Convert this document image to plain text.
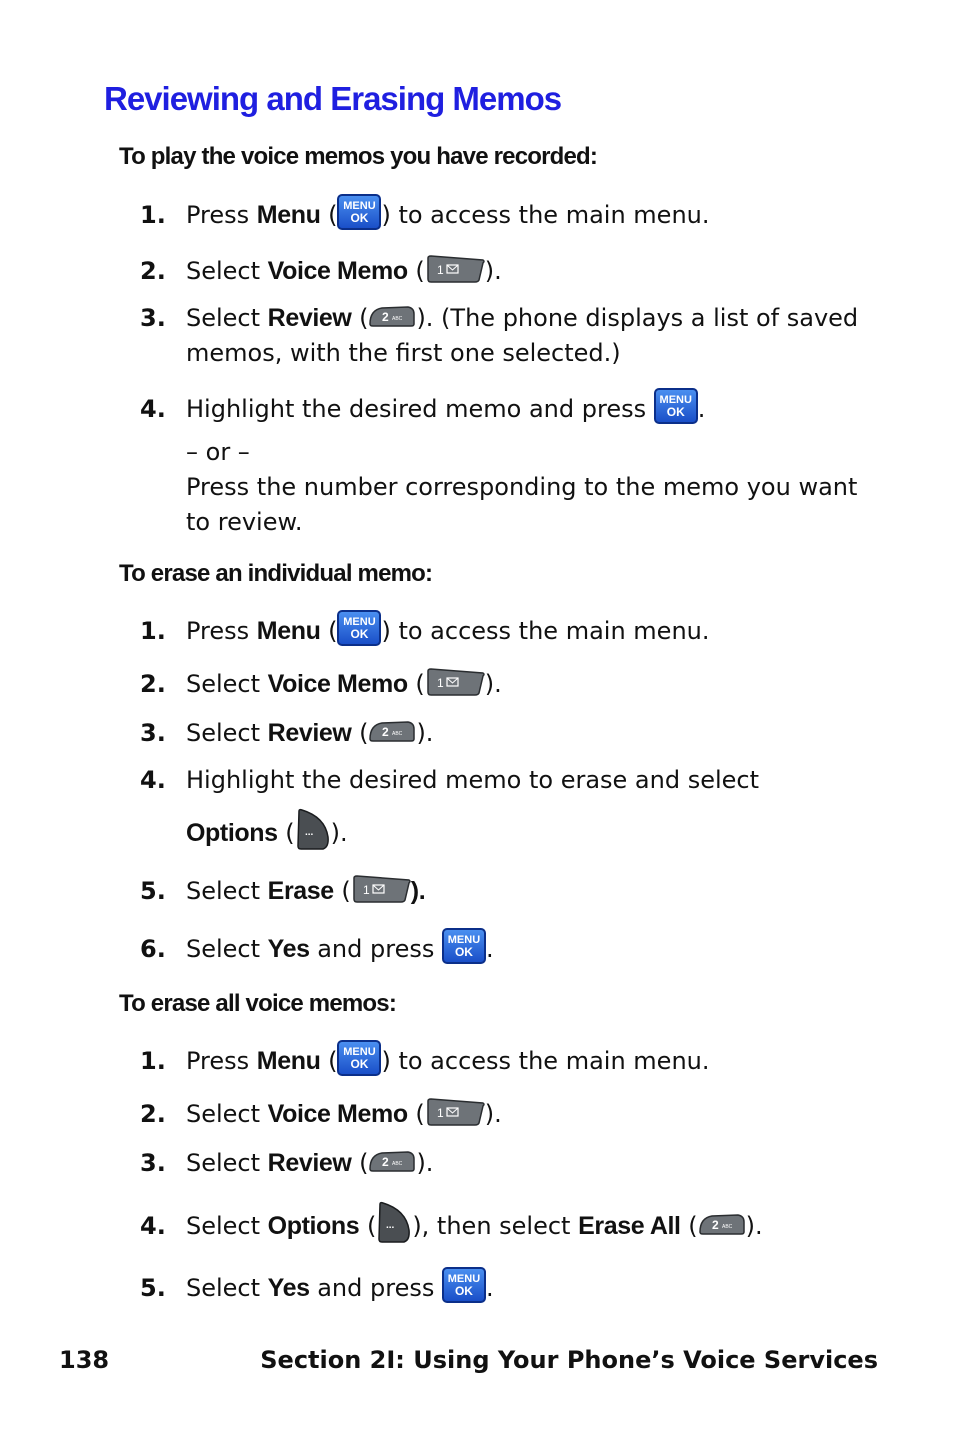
Reviewing and Erasing Memos
To play the voice memos you have recorded:
1. Press Menu ( MENU
OK ) to access the main menu.
2. Select Voice Memo ( 1 ).
3. Select Review ( 2 ABC ). (The phone displays a list of saved
memos, with the first one selected.)
4. Highlight the desired memo and press MENU
OK .
– or –
Press the number corresponding to the memo you want
to review.
To erase an individual memo:
1. Press Menu ( MENU
OK ) to access the main menu.
2. Select Voice Memo ( 1 ).
3. Select Review ( 2 ABC ).
4. Highlight the desired memo to erase and select
Options ( ... ).
5. Select Erase ( 1 ).
6. Select Yes and press MENU
OK .
To erase all voice memos:
1. Press Menu ( MENU
OK ) to access the main menu.
2. Select Voice Memo ( 1 ).
3. Select Review ( 2 ABC ).
4. Select Options ( ... ), then select Erase All ( 2 ABC ).
5. Select Yes and press MENU
OK .
138	Section 2I: Using Your Phone’s Voice Services
